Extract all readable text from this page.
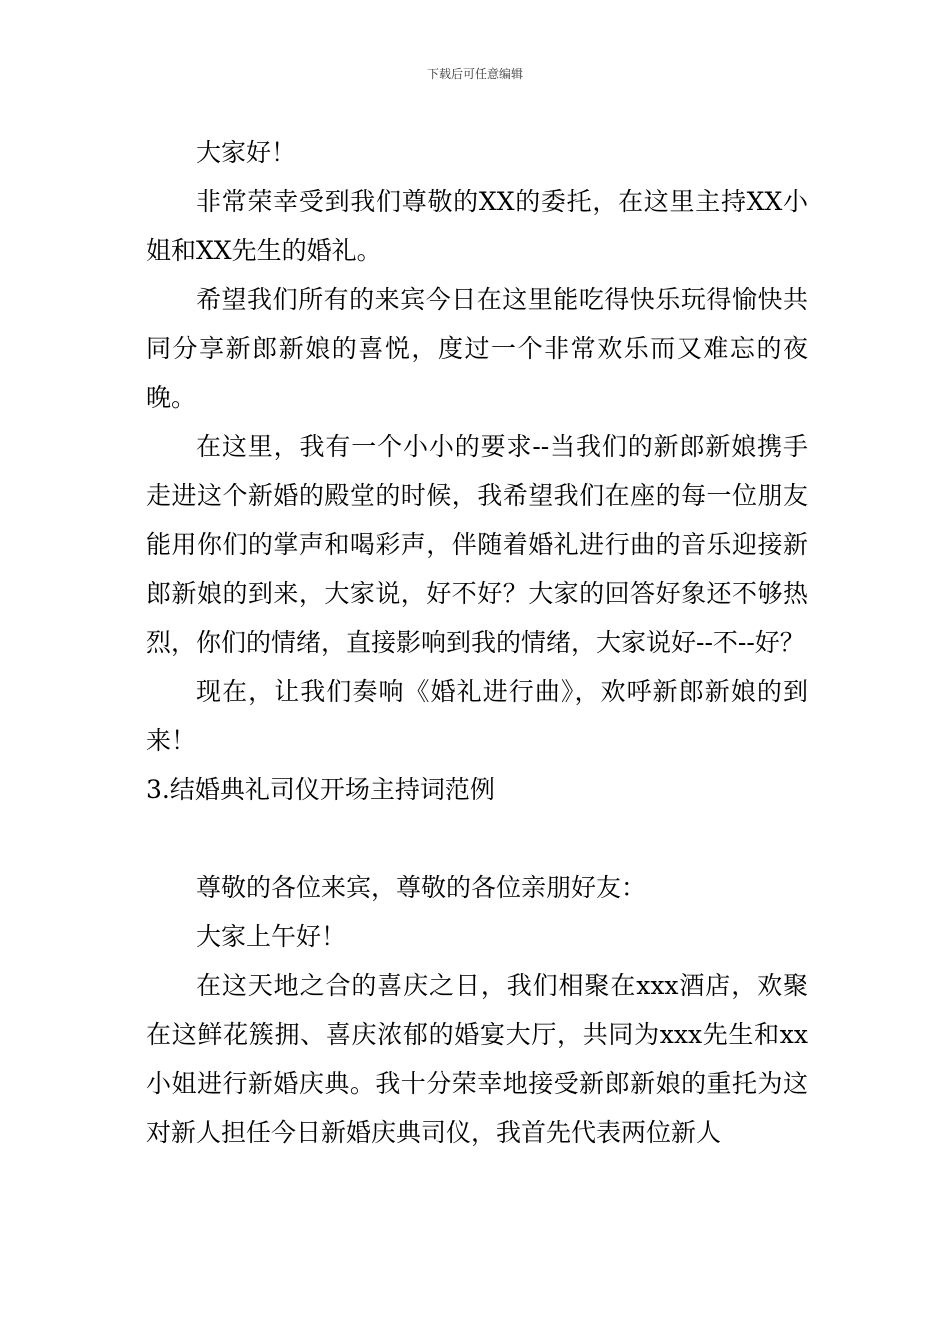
下载后可任意编辑

大家好！

非常荣幸受到我们尊敬的XX的委托，在这里主持XX小姐和XX先生的婚礼。

希望我们所有的来宾今日在这里能吃得快乐玩得愉快共同分享新郎新娘的喜悦，度过一个非常欢乐而又难忘的夜晚。

在这里，我有一个小小的要求--当我们的新郎新娘携手走进这个新婚的殿堂的时候，我希望我们在座的每一位朋友能用你们的掌声和喝彩声，伴随着婚礼进行曲的音乐迎接新郎新娘的到来，大家说，好不好？大家的回答好象还不够热烈，你们的情绪，直接影响到我的情绪，大家说好--不--好？

现在，让我们奏响《婚礼进行曲》，欢呼新郎新娘的到来！

3.结婚典礼司仪开场主持词范例

尊敬的各位来宾，尊敬的各位亲朋好友：

大家上午好！

在这天地之合的喜庆之日，我们相聚在xxx酒店，欢聚在这鲜花簇拥、喜庆浓郁的婚宴大厅，共同为xxx先生和xx小姐进行新婚庆典。我十分荣幸地接受新郎新娘的重托为这对新人担任今日新婚庆典司仪，我首先代表两位新人
